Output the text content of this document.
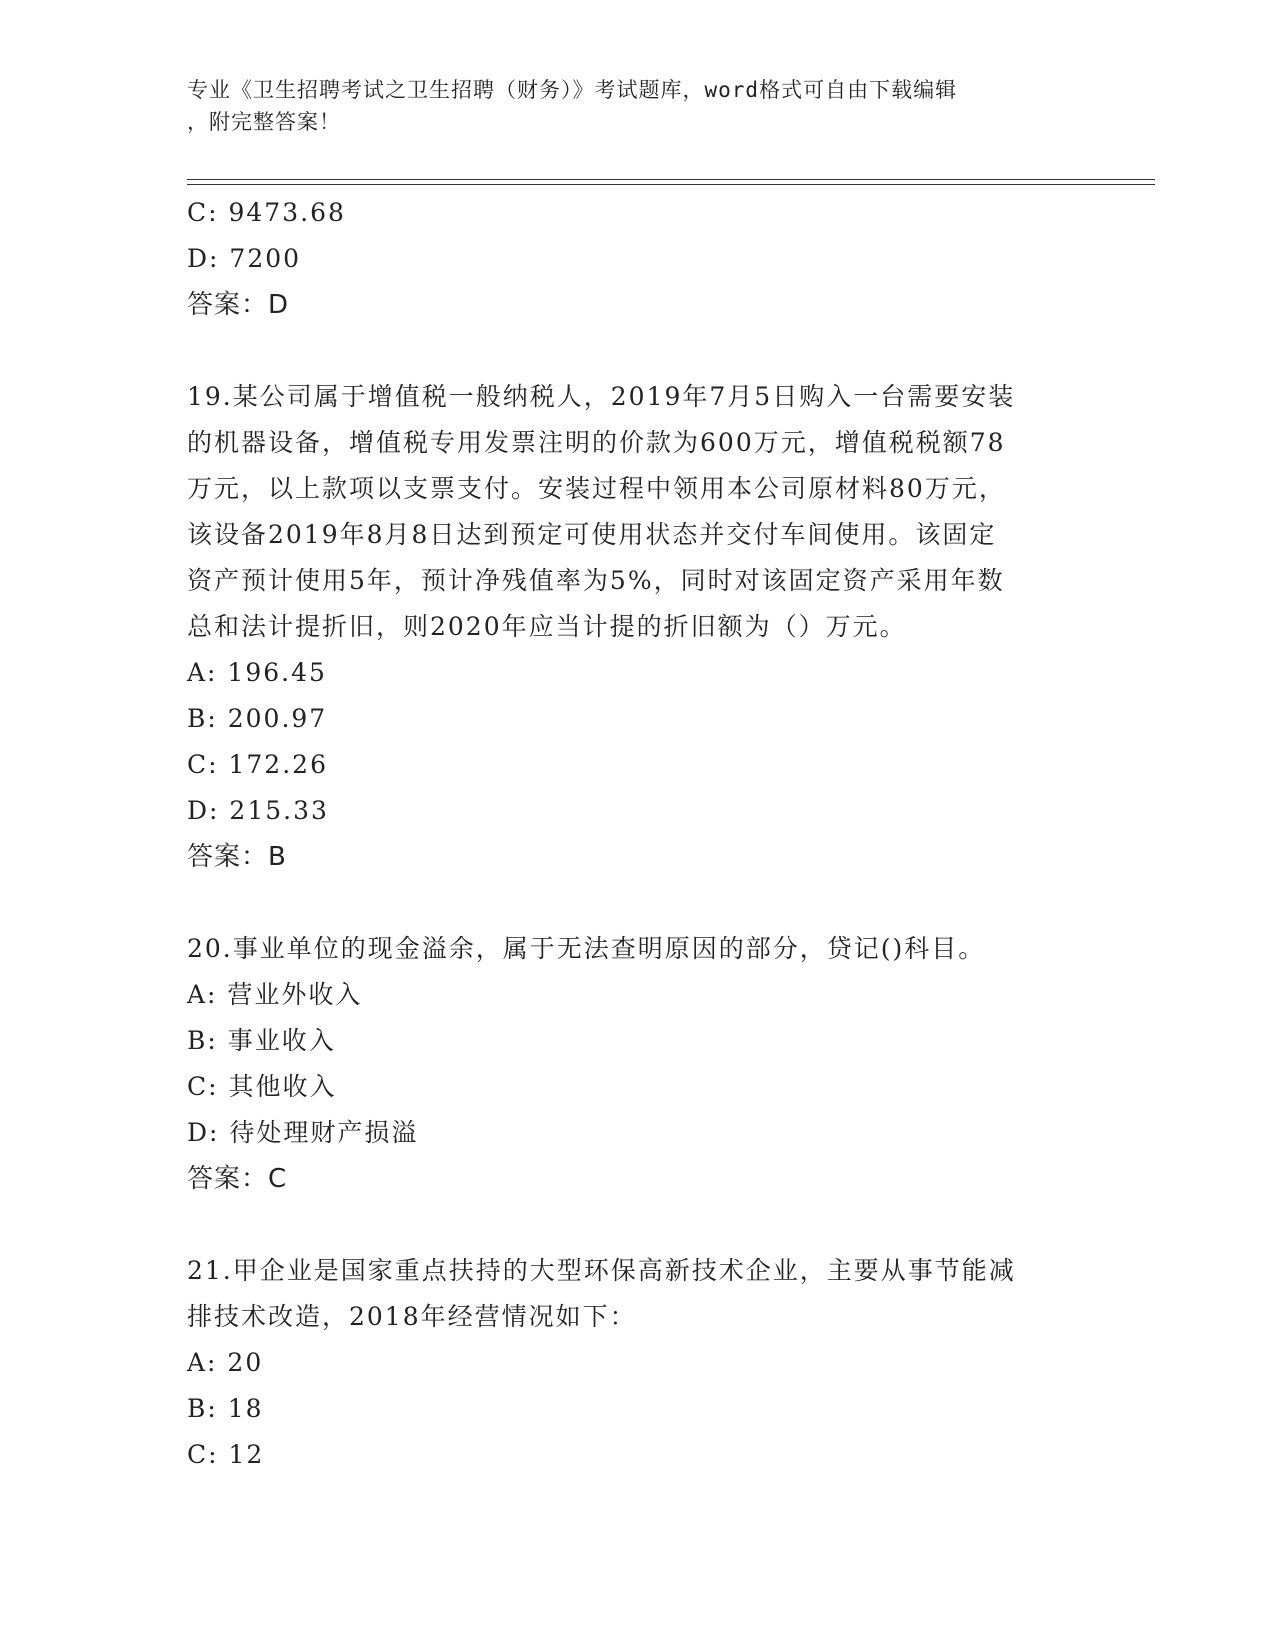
专业《卫生招聘考试之卫生招聘（财务）》考试题库，word格式可自由下载编辑
，附完整答案！
C: 9473.68
D: 7200
答案：D
19.某公司属于增值税一般纳税人，2019年7月5日购入一台需要安装
的机器设备，增值税专用发票注明的价款为600万元，增值税税额78
万元，以上款项以支票支付。安装过程中领用本公司原材料80万元，
该设备2019年8月8日达到预定可使用状态并交付车间使用。该固定
资产预计使用5年，预计净残值率为5%，同时对该固定资产采用年数
总和法计提折旧，则2020年应当计提的折旧额为（）万元。
A: 196.45
B: 200.97
C: 172.26
D: 215.33
答案：B
20.事业单位的现金溢余，属于无法查明原因的部分，贷记()科目。
A: 营业外收入
B: 事业收入
C: 其他收入
D: 待处理财产损溢
答案：C
21.甲企业是国家重点扶持的大型环保高新技术企业，主要从事节能减
排技术改造，2018年经营情况如下：
A: 20
B: 18
C: 12
